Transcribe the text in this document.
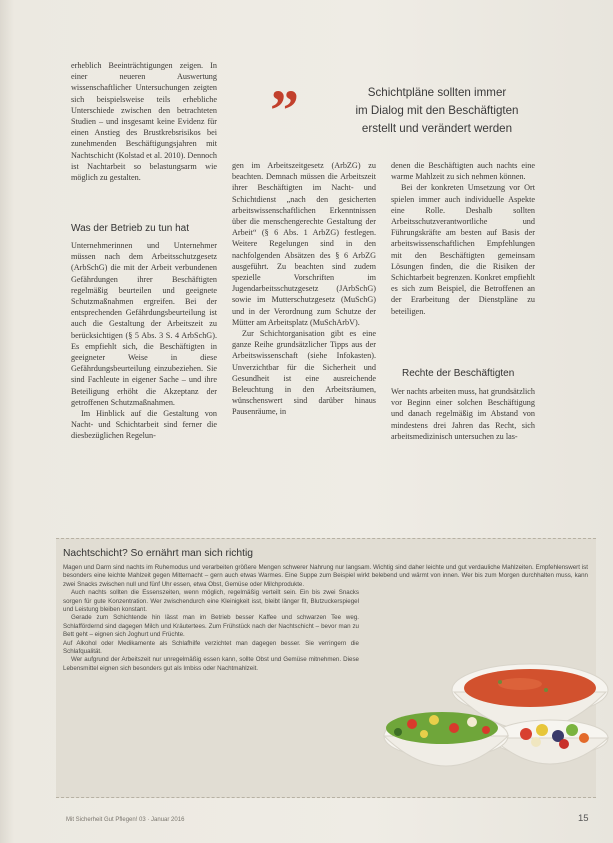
erheblich Beeinträchtigungen zeigen. In einer neueren Auswertung wissenschaftlicher Untersuchungen zeigten sich beispielsweise teils erhebliche Unterschiede zwischen den betrachteten Studien – und insgesamt keine Evidenz für einen Anstieg des Brustkrebsrisikos bei zunehmenden Beschäftigungsjahren mit Nachtschicht (Kolstad et al. 2010). Dennoch ist Nachtarbeit so belastungsarm wie möglich zu gestalten.

Was der Betrieb zu tun hat

Unternehmerinnen und Unternehmer müssen nach dem Arbeitsschutzgesetz (ArbSchG) die mit der Arbeit verbundenen Gefährdungen ihrer Beschäftigten regelmäßig beurteilen und geeignete Schutzmaßnahmen ergreifen. Bei der entsprechenden Gefährdungsbeurteilung ist auch die Gestaltung der Arbeitszeit zu berücksichtigen (§ 5 Abs. 3 S. 4 ArbSchG). Es empfiehlt sich, die Beschäftigten in geeigneter Weise in diese Gefährdungsbeurteilung einzubeziehen. Sie sind Fachleute in eigener Sache – und ihre Beteiligung erhöht die Akzeptanz der getroffenen Schutzmaßnahmen.

Im Hinblick auf die Gestaltung von Nacht- und Schichtarbeit sind ferner die diesbezüglichen Regelun-

”	Schichtpläne sollten immer
im Dialog mit den Beschäftigten
erstellt und verändert werden

gen im Arbeitszeitgesetz (ArbZG) zu beachten. Demnach müssen die Arbeitszeit ihrer Beschäftigten im Nacht- und Schichtdienst „nach den gesicherten arbeitswissenschaftlichen Erkenntnissen über die menschengerechte Gestaltung der Arbeit“ (§ 6 Abs. 1 ArbZG) festlegen. Weitere Regelungen sind in den nachfolgenden Absätzen des § 6 ArbZG ausgeführt. Zu beachten sind zudem spezielle Vorschriften im Jugendarbeitsschutzgesetz (JArbSchG) sowie im Mutterschutzgesetz (MuSchG) und in der Verordnung zum Schutze der Mütter am Arbeitsplatz (MuSchArbV).

Zur Schichtorganisation gibt es eine ganze Reihe grundsätzlicher Tipps aus der Arbeitswissenschaft (siehe Infokasten). Unverzichtbar für die Sicherheit und Gesundheit ist eine ausreichende Beleuchtung in den Arbeitsräumen, wünschenswert sind darüber hinaus Pausenräume, in

denen die Beschäftigten auch nachts eine warme Mahlzeit zu sich nehmen können.

Bei der konkreten Umsetzung vor Ort spielen immer auch individuelle Aspekte eine Rolle. Deshalb sollten Arbeitsschutzverantwortliche und Führungskräfte am besten auf Basis der arbeitswissenschaftlichen Empfehlungen mit den Beschäftigten gemeinsam Lösungen finden, die die Risiken der Schichtarbeit begrenzen. Konkret empfiehlt es sich zum Beispiel, die Betroffenen an der Erarbeitung der Dienstpläne zu beteiligen.

Rechte der Beschäftigten

Wer nachts arbeiten muss, hat grundsätzlich vor Beginn einer solchen Beschäftigung und danach regelmäßig im Abstand von mindestens drei Jahren das Recht, sich arbeitsmedizinisch untersuchen zu las-

Nachtschicht? So ernährt man sich richtig

Magen und Darm sind nachts im Ruhemodus und verarbeiten größere Mengen schwerer Nahrung nur langsam. Wichtig sind daher leichte und gut verdauliche Mahlzeiten. Empfehlenswert ist besonders eine leichte Mahlzeit gegen Mitternacht – gern auch etwas Warmes. Eine Suppe zum Beispiel wirkt belebend und wärmt von innen. Wer bis zum Morgen durchhalten muss, kann zwei Snacks zwischen null und fünf Uhr essen, etwa Obst, Gemüse oder Milchprodukte.

Auch nachts sollten die Essenszeiten, wenn möglich, regelmäßig verteilt sein. Ein bis zwei Snacks sorgen für gute Konzentration. Wer zwischendurch eine Kleinigkeit isst, bleibt länger fit, Blutzuckerspiegel und Leistung bleiben konstant.

Gerade zum Schichtende hin lässt man im Betrieb besser Kaffee und schwarzen Tee weg. Schlaffördernd sind dagegen Milch und Kräutertees. Zum Frühstück nach der Nachtschicht – bevor man zu Bett geht – eignen sich Joghurt und Früchte.

Auf Alkohol oder Medikamente als Schlafhilfe verzichtet man dagegen besser. Sie verringern die Schlafqualität.

Wer aufgrund der Arbeitszeit nur unregelmäßig essen kann, sollte Obst und Gemüse mitnehmen. Diese Lebensmittel eignen sich besonders gut als Imbiss oder Nachtmahlzeit.

Mit Sicherheit Gut Pflegen! 03 · Januar 2016	15
